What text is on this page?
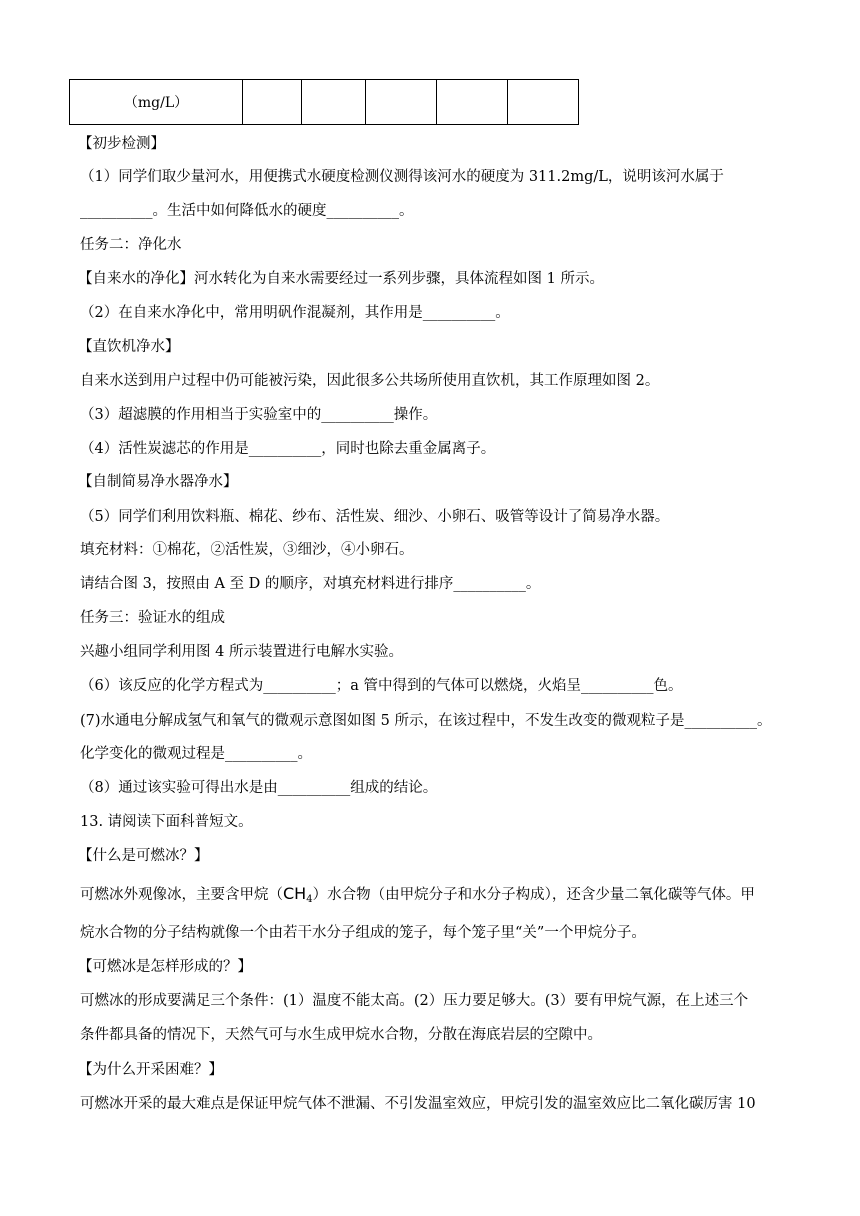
（mg/L）					
【初步检测】
（1）同学们取少量河水，用便携式水硬度检测仪测得该河水的硬度为 311.2mg/L，说明该河水属于
__________。生活中如何降低水的硬度__________。
任务二：净化水
【自来水的净化】河水转化为自来水需要经过一系列步骤，具体流程如图 1 所示。
（2）在自来水净化中，常用明矾作混凝剂，其作用是__________。
【直饮机净水】
自来水送到用户过程中仍可能被污染，因此很多公共场所使用直饮机，其工作原理如图 2。
（3）超滤膜的作用相当于实验室中的__________操作。
（4）活性炭滤芯的作用是__________，同时也除去重金属离子。
【自制简易净水器净水】
（5）同学们利用饮料瓶、棉花、纱布、活性炭、细沙、小卵石、吸管等设计了简易净水器。
填充材料：①棉花，②活性炭，③细沙，④小卵石。
请结合图 3，按照由 A 至 D 的顺序，对填充材料进行排序__________。
任务三：验证水的组成
兴趣小组同学利用图 4 所示装置进行电解水实验。
（6）该反应的化学方程式为__________；a 管中得到的气体可以燃烧，火焰呈__________色。
(7)水通电分解成氢气和氧气的微观示意图如图 5 所示，在该过程中，不发生改变的微观粒子是__________。
化学变化的微观过程是__________。
（8）通过该实验可得出水是由__________组成的结论。
13. 请阅读下面科普短文。
【什么是可燃冰？】
可燃冰外观像冰，主要含甲烷$(CH_4)$水合物（由甲烷分子和水分子构成），还含少量二氧化碳等气体。甲
烷水合物的分子结构就像一个由若干水分子组成的笼子，每个笼子里“关”一个甲烷分子。
【可燃冰是怎样形成的？】
可燃冰的形成要满足三个条件：(1）温度不能太高。(2）压力要足够大。(3）要有甲烷气源，在上述三个
条件都具备的情况下，天然气可与水生成甲烷水合物，分散在海底岩层的空隙中。
【为什么开采困难？】
可燃冰开采的最大难点是保证甲烷气体不泄漏、不引发温室效应，甲烷引发的温室效应比二氧化碳厉害 10
